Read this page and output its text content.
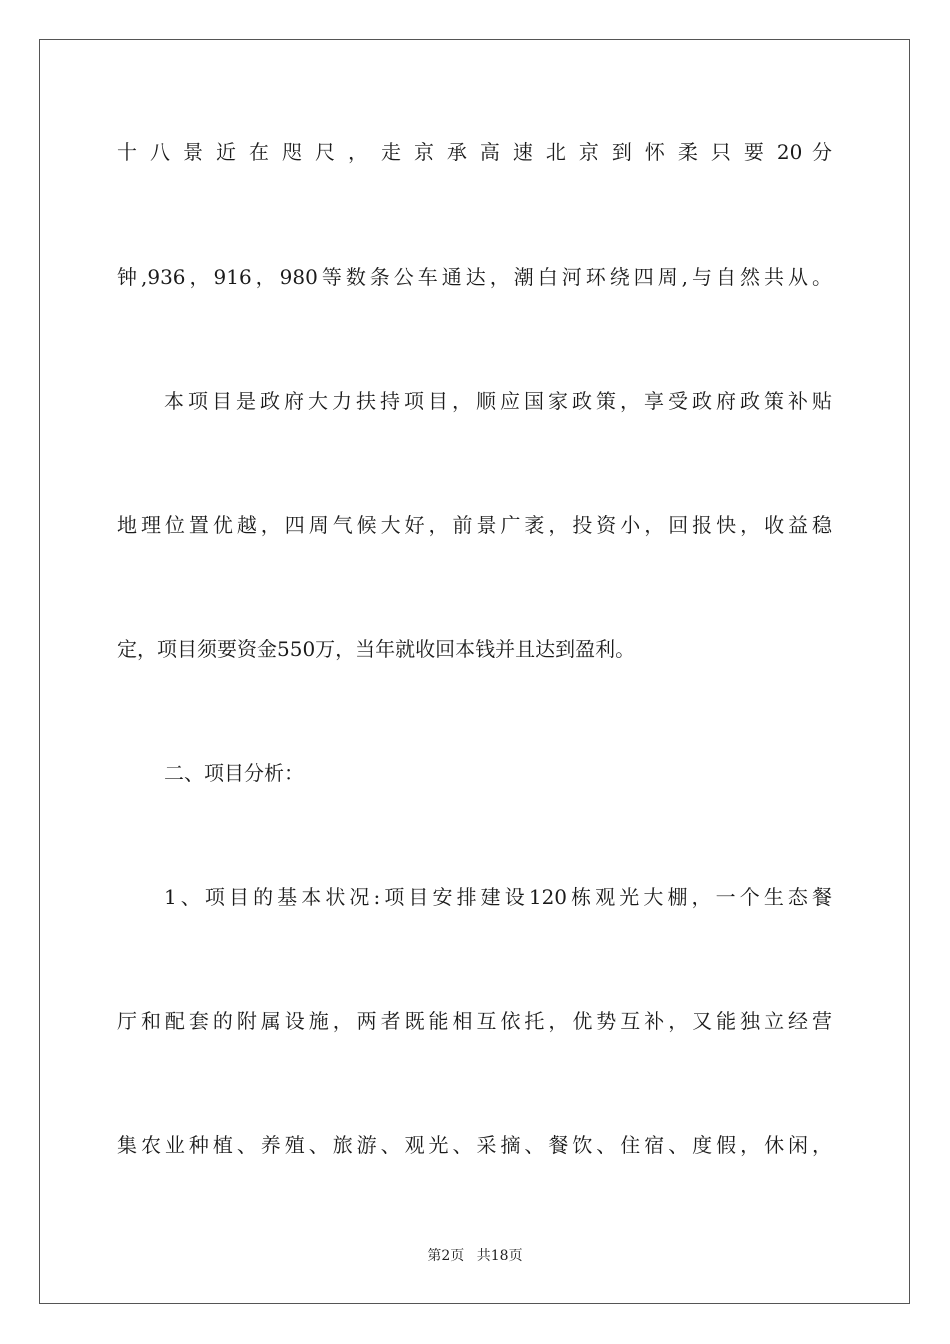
十 八 景 近 在 咫 尺 ， 走 京 承 高 速 北 京 到 怀 柔 只 要 20 分
钟,936，916，980等数条公车通达，潮白河环绕四周,与自然共从。
本项目是政府大力扶持项目，顺应国家政策，享受政府政策补贴
地理位置优越，四周气候大好，前景广袤，投资小，回报快，收益稳
定，项目须要资金550万，当年就收回本钱并且达到盈利。
二、项目分析：
1、项目的基本状况:项目安排建设120栋观光大棚，一个生态餐
厅和配套的附属设施，两者既能相互依托，优势互补，又能独立经营
集农业种植、养殖、旅游、观光、采摘、餐饮、住宿、度假，休闲，
第2页 共18页
